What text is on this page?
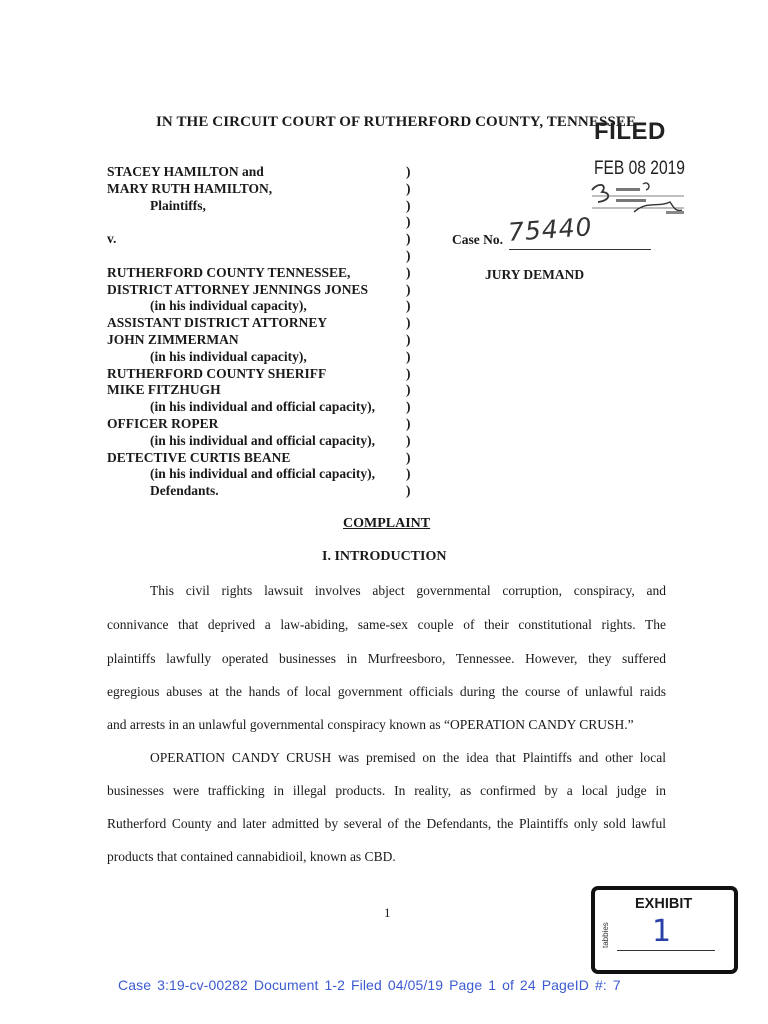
IN THE CIRCUIT COURT OF RUTHERFORD COUNTY, TENNESSEE
FILED
FEB 08 2019
STACEY HAMILTON and
MARY RUTH HAMILTON,
Plaintiffs,

v.

RUTHERFORD COUNTY TENNESSEE,
DISTRICT ATTORNEY JENNINGS JONES
(in his individual capacity),
ASSISTANT DISTRICT ATTORNEY
JOHN ZIMMERMAN
(in his individual capacity),
RUTHERFORD COUNTY SHERIFF
MIKE FITZHUGH
(in his individual and official capacity),
OFFICER ROPER
(in his individual and official capacity),
DETECTIVE CURTIS BEANE
(in his individual and official capacity),
Defendants.
)
)
)
)
)
)
)
)
)
)
)
)
)
)
)
)
)
)
)
)
75440
Case No.
JURY DEMAND
COMPLAINT
I. INTRODUCTION
This civil rights lawsuit involves abject governmental corruption, conspiracy, and
connivance that deprived a law-abiding, same-sex couple of their constitutional rights. The
plaintiffs lawfully operated businesses in Murfreesboro, Tennessee. However, they suffered
egregious abuses at the hands of local government officials during the course of unlawful raids
and arrests in an unlawful governmental conspiracy known as “OPERATION CANDY CRUSH.”
OPERATION CANDY CRUSH was premised on the idea that Plaintiffs and other local
businesses were trafficking in illegal products. In reality, as confirmed by a local judge in
Rutherford County and later admitted by several of the Defendants, the Plaintiffs only sold lawful
products that contained cannabidioil, known as CBD.
1
EXHIBIT
tabbies 1
Case 3:19-cv-00282 Document 1-2 Filed 04/05/19 Page 1 of 24 PageID #: 7
